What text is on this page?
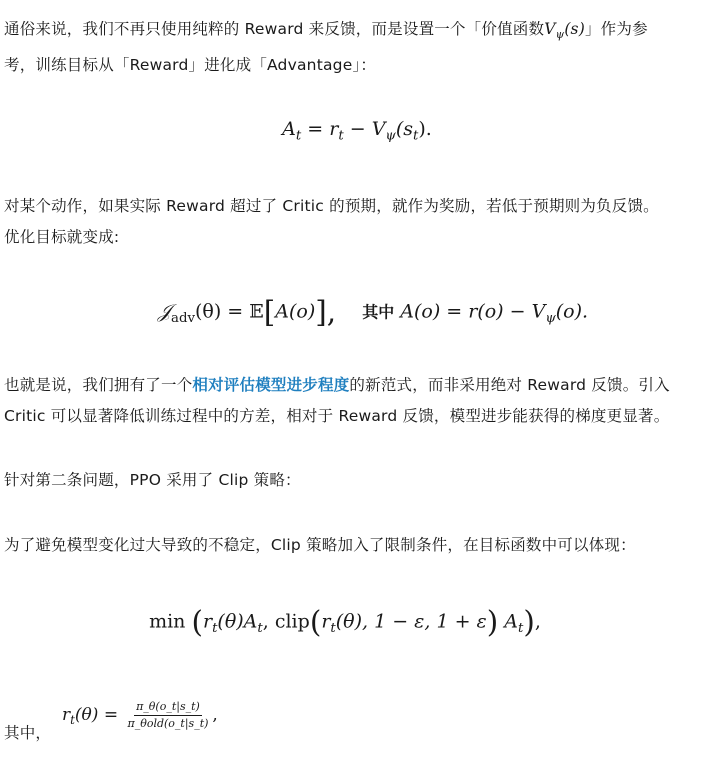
通俗来说，我们不再只使用纯粹的 Reward 来反馈，而是设置一个「价值函数$V_\psi(s)$」作为参
考，训练目标从「Reward」进化成「Advantage」：
$A_t = r_t - V_\psi(s_t)$.
对某个动作，如果实际 Reward 超过了 Critic 的预期，就作为奖励，若低于预期则为负反馈。
优化目标就变成:
𝒥$_{adv}$(θ) = 𝔼[A(o)], 其中 $A(o) = r(o) - V_\psi(o)$.
也就是说，我们拥有了一个相对评估模型进步程度的新范式，而非采用绝对 Reward 反馈。引入
Critic 可以显著降低训练过程中的方差，相对于 Reward 反馈，模型进步能获得的梯度更显著。
针对第二条问题，PPO 采用了 Clip 策略：
为了避免模型变化过大导致的不稳定，Clip 策略加入了限制条件，在目标函数中可以体现：
$\min (r_t(\theta)A_t$, $clip(r_t(\theta)$, 1 − ε, 1 + ε) $A_t$),
其中，
$r_t(\theta) = \frac{\pi\_\theta(o\_t|s\_t)}{\text{π\_θold(o\_t|s\_t)}}$ ,
